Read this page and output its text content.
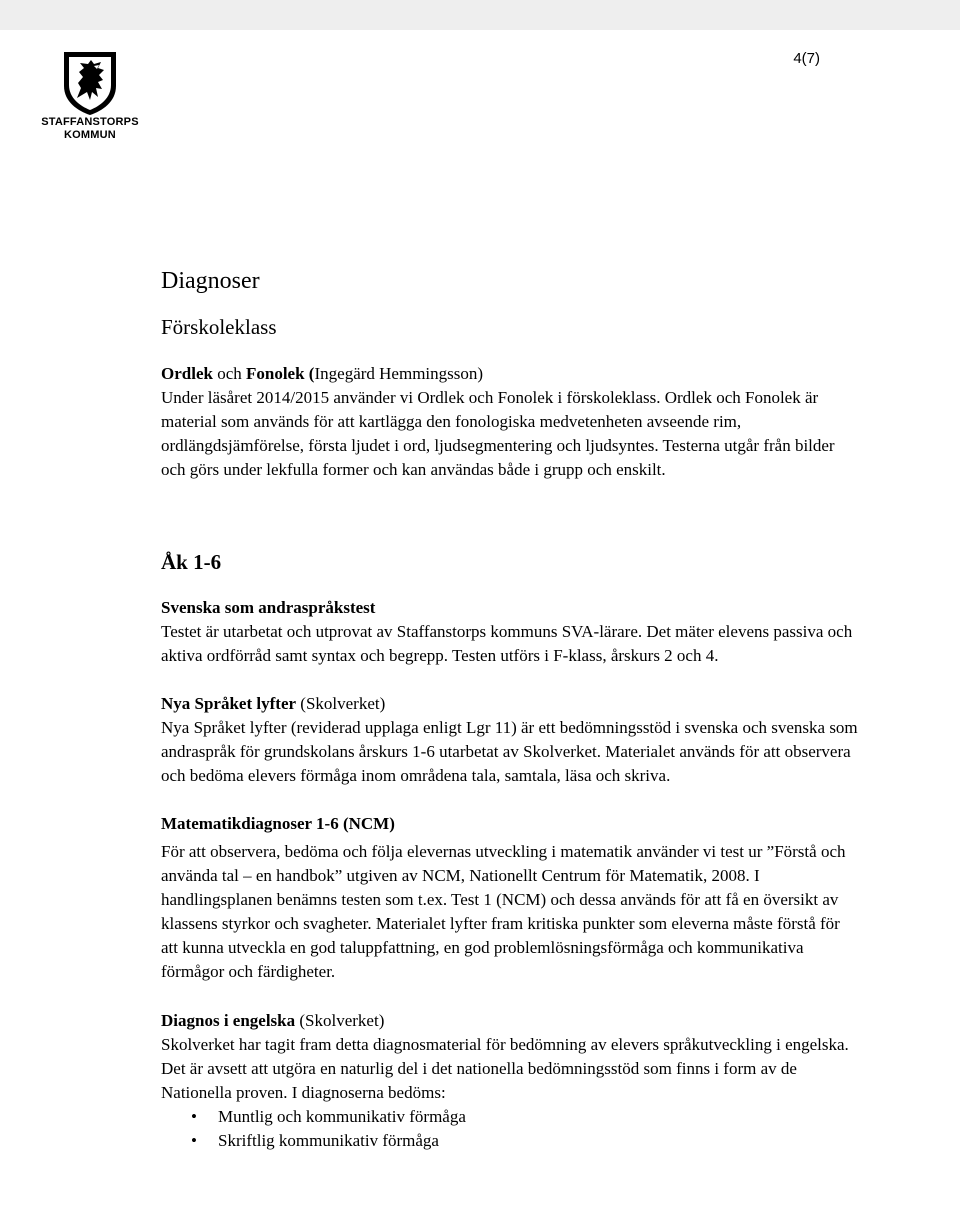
STAFFANSTORPS
KOMMUN
4(7)
Diagnoser
Förskoleklass
Ordlek och Fonolek (Ingegärd Hemmingsson)

Under läsåret 2014/2015 använder vi Ordlek och Fonolek i förskoleklass. Ordlek och Fonolek är material som används för att kartlägga den fonologiska medvetenheten avseende rim, ordlängdsjämförelse, första ljudet i ord, ljudsegmentering och ljudsyntes. Testerna utgår från bilder och görs under lekfulla former och kan användas både i grupp och enskilt.

Åk 1-6
Svenska som andraspråkstest

Testet är utarbetat och utprovat av Staffanstorps kommuns SVA-lärare. Det mäter elevens passiva och aktiva ordförråd samt syntax och begrepp. Testen utförs i F-klass, årskurs 2 och 4.

Nya Språket lyfter (Skolverket)

Nya Språket lyfter (reviderad upplaga enligt Lgr 11) är ett bedömningsstöd i svenska och svenska som andraspråk för grundskolans årskurs 1-6 utarbetat av Skolverket. Materialet används för att observera och bedöma elevers förmåga inom områdena tala, samtala, läsa och skriva.

Matematikdiagnoser 1-6 (NCM)

För att observera, bedöma och följa elevernas utveckling i matematik använder vi test ur ”Förstå och använda tal – en handbok” utgiven av NCM, Nationellt Centrum för Matematik, 2008. I handlingsplanen benämns testen som t.ex. Test 1 (NCM) och dessa används för att få en översikt av klassens styrkor och svagheter. Materialet lyfter fram kritiska punkter som eleverna måste förstå för att kunna utveckla en god taluppfattning, en god problemlösningsförmåga och kommunikativa förmågor och färdigheter.

Diagnos i engelska (Skolverket)

Skolverket har tagit fram detta diagnosmaterial för bedömning av elevers språkutveckling i engelska. Det är avsett att utgöra en naturlig del i det nationella bedömningsstöd som finns i form av de Nationella proven. I diagnoserna bedöms:

• Muntlig och kommunikativ förmåga
• Skriftlig kommunikativ förmåga
